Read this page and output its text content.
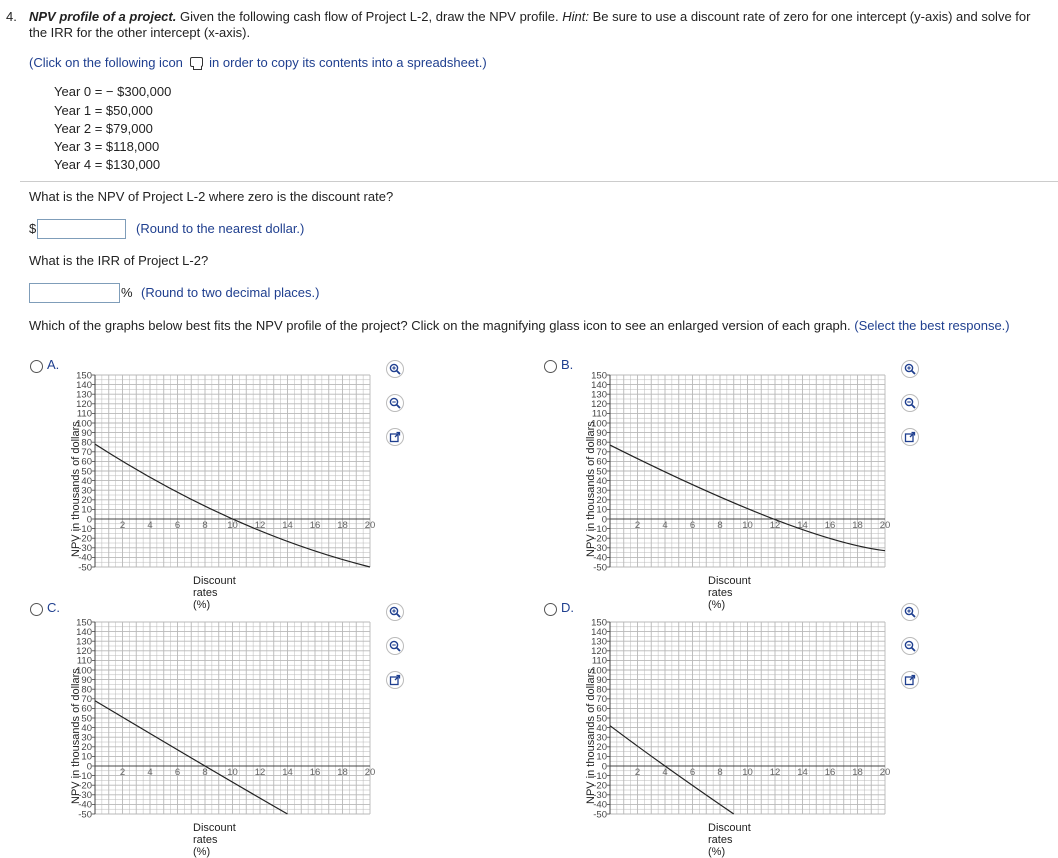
4. NPV profile of a project. Given the following cash flow of Project L-2, draw the NPV profile. Hint: Be sure to use a discount rate of zero for one intercept (y-axis) and solve for the IRR for the other intercept (x-axis).
(Click on the following icon in order to copy its contents into a spreadsheet.)
Year 0 = − $300,000
Year 1 = $50,000
Year 2 = $79,000
Year 3 = $118,000
Year 4 = $130,000
What is the NPV of Project L-2 where zero is the discount rate?
$	(Round to the nearest dollar.)
What is the IRR of Project L-2?
% (Round to two decimal places.)
Which of the graphs below best fits the NPV profile of the project? Click on the magnifying glass icon to see an enlarged version of each graph. (Select the best response.)
A.
NPV in thousands of dollars
Discount rates (%)
150
140
130
120
110
100
90
80
70
60
50
40
30
20
10
0
-10
-20
-30
-40
-50
2 4 6 8 10 12 14 16 18 20
B.
NPV in thousands of dollars
Discount rates (%)
150
140
130
120
110
100
90
80
70
60
50
40
30
20
10
0
-10
-20
-30
-40
-50
2 4 6 8 10 12 14 16 18 20
C.
NPV in thousands of dollars
Discount rates (%)
150
140
130
120
110
100
90
80
70
60
50
40
30
20
10
0
-10
-20
-30
-40
-50
2 4 6 8 10 12 14 16 18 20
D.
NPV in thousands of dollars
Discount rates (%)
150
140
130
120
110
100
90
80
70
60
50
40
30
20
10
0
-10
-20
-30
-40
-50
2 4 6 8 10 12 14 16 18 20
